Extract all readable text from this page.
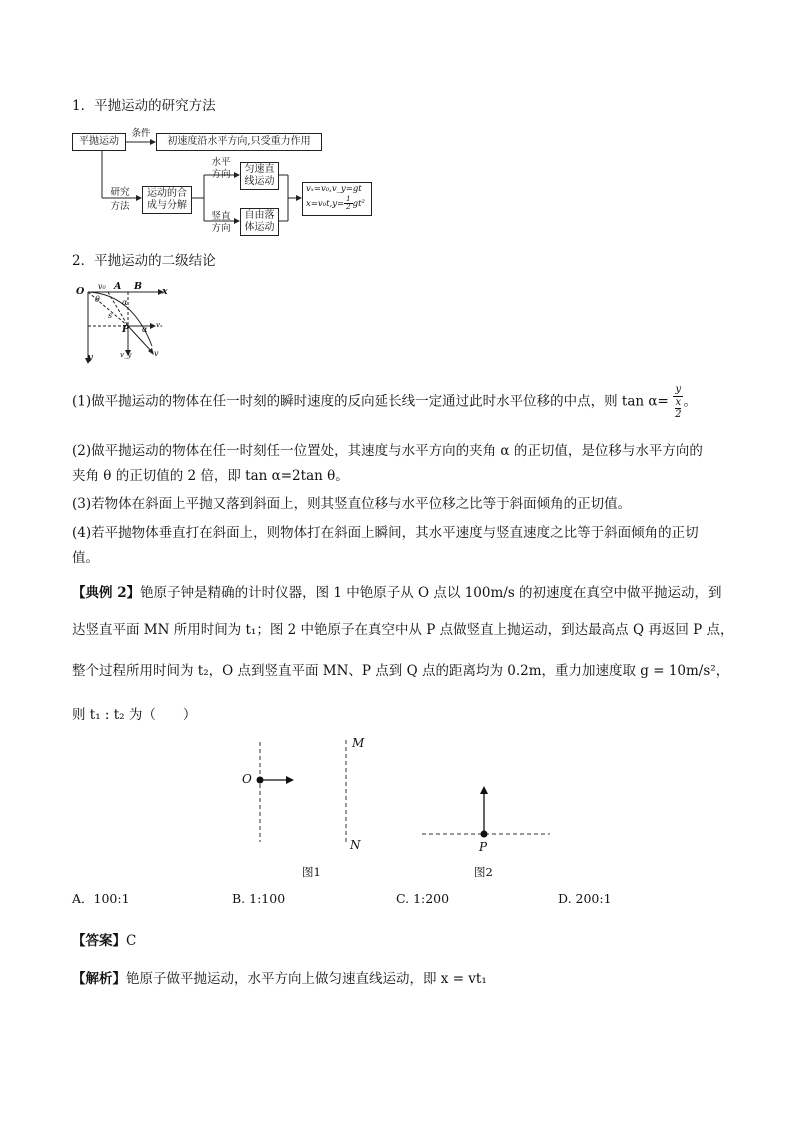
1．平抛运动的研究方法
平抛运动
条件
初速度沿水平方向,只受重力作用
研究
方法
运动的合
成与分解
水平
方向
竖直
方向
匀速直
线运动
自由落
体运动
vₓ=v₀,v_y=gt
$x=v_0t,y= \frac{1}{2} gt^2$
2．平抛运动的二级结论
O v₀ A B x
y
θ	α
s
P	vₓ
v_y	v
α
(1)做平抛运动的物体在任一时刻的瞬时速度的反向延长线一定通过此时水平位移的中点，则 tan α= y
x
2 。
(2)做平抛运动的物体在任一时刻任一位置处，其速度与水平方向的夹角 α 的正切值，是位移与水平方向的
夹角 θ 的正切值的 2 倍，即 tan α=2tan θ。
(3)若物体在斜面上平抛又落到斜面上，则其竖直位移与水平位移之比等于斜面倾角的正切值。
(4)若平抛物体垂直打在斜面上，则物体打在斜面上瞬间，其水平速度与竖直速度之比等于斜面倾角的正切
值。
【典例 2】铯原子钟是精确的计时仪器，图 1 中铯原子从 O 点以 100m/s 的初速度在真空中做平抛运动，到
达竖直平面 MN 所用时间为 t₁；图 2 中铯原子在真空中从 P 点做竖直上抛运动，到达最高点 Q 再返回 P 点，
整个过程所用时间为 t₂，O 点到竖直平面 MN、P 点到 Q 点的距离均为 0.2m，重力加速度取 g = 10m/s²，
则 t₁ : t₂ 为（　　）
O
M
N	P
图1	图2
A．100:1	B. 1:100	C. 1:200	D. 200:1
【答案】C
【解析】铯原子做平抛运动，水平方向上做匀速直线运动，即 x = vt₁
